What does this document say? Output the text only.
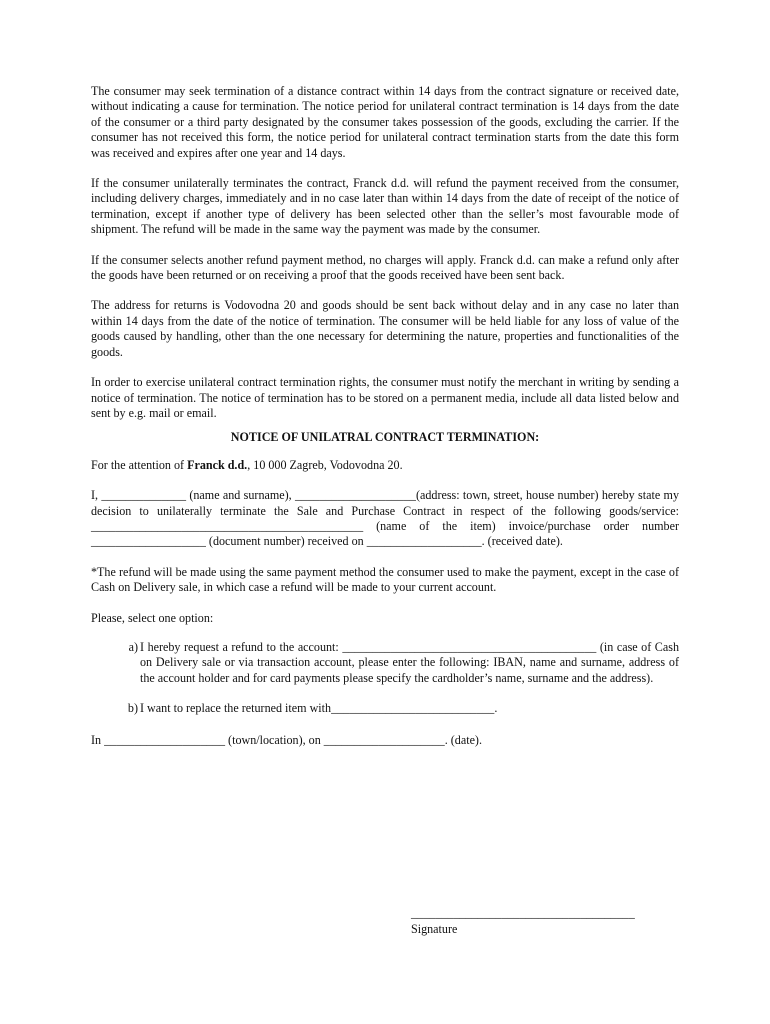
The consumer may seek termination of a distance contract within 14 days from the contract signature or received date, without indicating a cause for termination. The notice period for unilateral contract termination is 14 days from the date of the consumer or a third party designated by the consumer takes possession of the goods, excluding the carrier. If the consumer has not received this form, the notice period for unilateral contract termination starts from the date this form was received and expires after one year and 14 days.

If the consumer unilaterally terminates the contract, Franck d.d. will refund the payment received from the consumer, including delivery charges, immediately and in no case later than within 14 days from the date of receipt of the notice of termination, except if another type of delivery has been selected other than the seller’s most favourable mode of shipment. The refund will be made in the same way the payment was made by the consumer.

If the consumer selects another refund payment method, no charges will apply. Franck d.d. can make a refund only after the goods have been returned or on receiving a proof that the goods received have been sent back.

The address for returns is Vodovodna 20 and goods should be sent back without delay and in any case no later than within 14 days from the date of the notice of termination. The consumer will be held liable for any loss of value of the goods caused by handling, other than the one necessary for determining the nature, properties and functionalities of the goods.

In order to exercise unilateral contract termination rights, the consumer must notify the merchant in writing by sending a notice of termination. The notice of termination has to be stored on a permanent media, include all data listed below and sent by e.g. mail or email.

NOTICE OF UNILATRAL CONTRACT TERMINATION:

For the attention of Franck d.d., 10 000 Zagreb, Vodovodna 20.

I, ______________ (name and surname), ____________________(address: town, street, house number) hereby state my decision to unilaterally terminate the Sale and Purchase Contract in respect of the following goods/service: _____________________________________________ (name of the item) invoice/purchase order number ___________________ (document number) received on ___________________. (received date).

*The refund will be made using the same payment method the consumer used to make the payment, except in the case of Cash on Delivery sale, in which case a refund will be made to your current account.

Please, select one option:

a) I hereby request a refund to the account: __________________________________________ (in case of Cash on Delivery sale or via transaction account, please enter the following: IBAN, name and surname, address of the account holder and for card payments please specify the cardholder’s name, surname and the address).
b) I want to replace the returned item with___________________________.

In ____________________ (town/location), on ____________________. (date).

_____________________________________
Signature
